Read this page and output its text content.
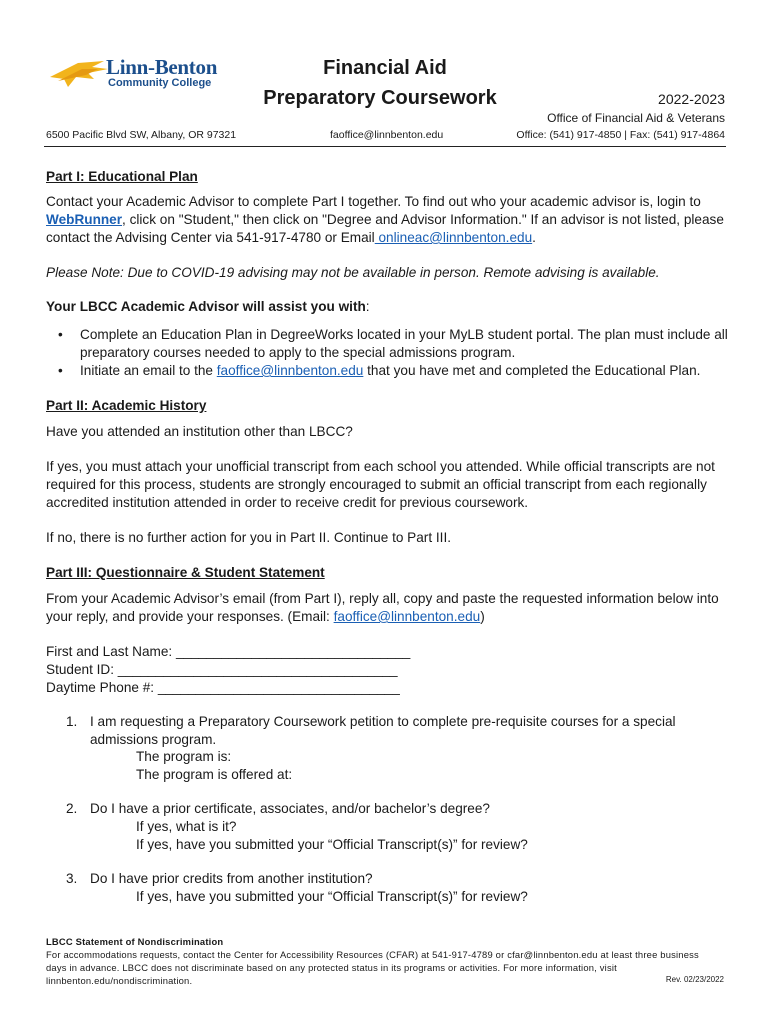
Linn-Benton
Community College
Financial Aid
Preparatory Coursework	2022-2023
Office of Financial Aid & Veterans
6500 Pacific Blvd SW, Albany, OR 97321	faoffice@linnbenton.edu	Office: (541) 917-4850 | Fax: (541) 917-4864
Part I: Educational Plan
Contact your Academic Advisor to complete Part I together. To find out who your academic advisor is, login to WebRunner, click on "Student," then click on "Degree and Advisor Information." If an advisor is not listed, please contact the Advising Center via 541-917-4780 or Email onlineac@linnbenton.edu.
Please Note: Due to COVID-19 advising may not be available in person. Remote advising is available.
Your LBCC Academic Advisor will assist you with:
• Complete an Education Plan in DegreeWorks located in your MyLB student portal. The plan must include all preparatory courses needed to apply to the special admissions program.
• Initiate an email to the faoffice@linnbenton.edu that you have met and completed the Educational Plan.
Part II: Academic History
Have you attended an institution other than LBCC?
If yes, you must attach your unofficial transcript from each school you attended. While official transcripts are not required for this process, students are strongly encouraged to submit an official transcript from each regionally accredited institution attended in order to receive credit for previous coursework.
If no, there is no further action for you in Part II. Continue to Part III.
Part III: Questionnaire & Student Statement
From your Academic Advisor’s email (from Part I), reply all, copy and paste the requested information below into your reply, and provide your responses. (Email: faoffice@linnbenton.edu)
First and Last Name: _______________________________
Student ID: _____________________________________
Daytime Phone #: ________________________________
1. I am requesting a Preparatory Coursework petition to complete pre-requisite courses for a special admissions program.
The program is:
The program is offered at:
2. Do I have a prior certificate, associates, and/or bachelor’s degree?
If yes, what is it?
If yes, have you submitted your “Official Transcript(s)” for review?
3. Do I have prior credits from another institution?
If yes, have you submitted your “Official Transcript(s)” for review?
LBCC Statement of Nondiscrimination
For accommodations requests, contact the Center for Accessibility Resources (CFAR) at 541-917-4789 or cfar@linnbenton.edu at least three business days in advance. LBCC does not discriminate based on any protected status in its programs or activities. For more information, visit linnbenton.edu/nondiscrimination.	Rev. 02/23/2022
